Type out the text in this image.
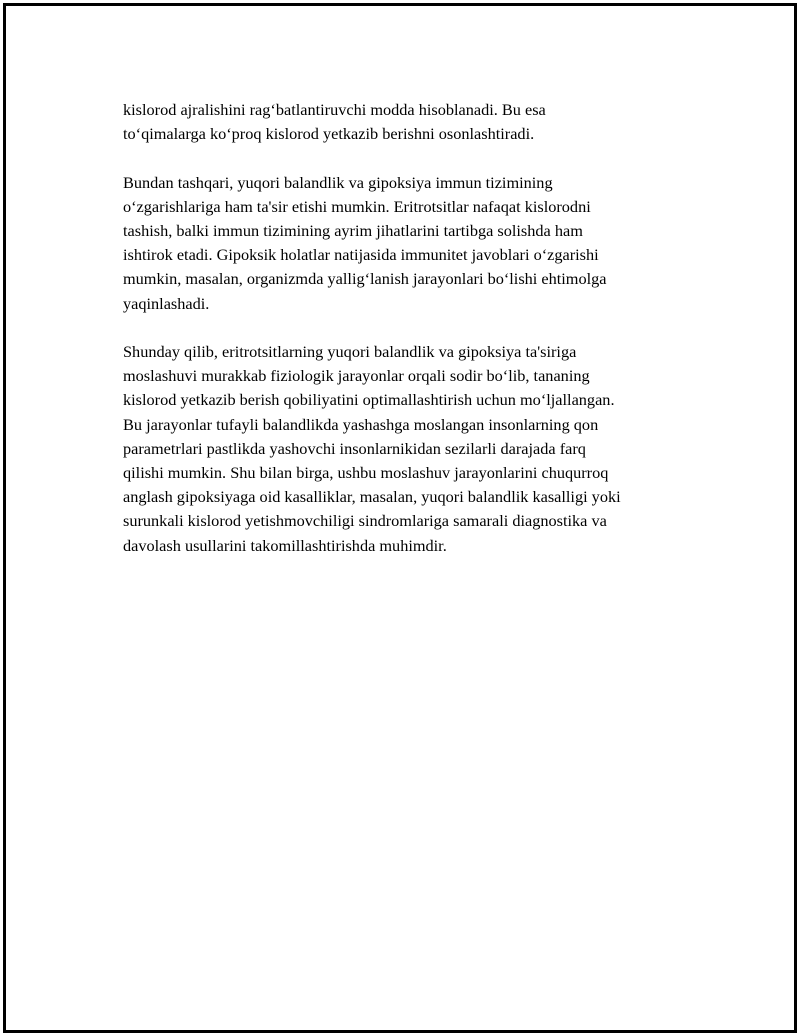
kislorod ajralishini rag‘batlantiruvchi modda hisoblanadi. Bu esa
to‘qimalarga ko‘proq kislorod yetkazib berishni osonlashtiradi.

Bundan tashqari, yuqori balandlik va gipoksiya immun tizimining
o‘zgarishlariga ham ta'sir etishi mumkin. Eritrotsitlar nafaqat kislorodni
tashish, balki immun tizimining ayrim jihatlarini tartibga solishda ham
ishtirok etadi. Gipoksik holatlar natijasida immunitet javoblari o‘zgarishi
mumkin, masalan, organizmda yallig‘lanish jarayonlari bo‘lishi ehtimolga
yaqinlashadi.

Shunday qilib, eritrotsitlarning yuqori balandlik va gipoksiya ta'siriga
moslashuvi murakkab fiziologik jarayonlar orqali sodir bo‘lib, tananing
kislorod yetkazib berish qobiliyatini optimallashtirish uchun mo‘ljallangan.
Bu jarayonlar tufayli balandlikda yashashga moslangan insonlarning qon
parametrlari pastlikda yashovchi insonlarnikidan sezilarli darajada farq
qilishi mumkin. Shu bilan birga, ushbu moslashuv jarayonlarini chuqurroq
anglash gipoksiyaga oid kasalliklar, masalan, yuqori balandlik kasalligi yoki
surunkali kislorod yetishmovchiligi sindromlariga samarali diagnostika va
davolash usullarini takomillashtirishda muhimdir.
